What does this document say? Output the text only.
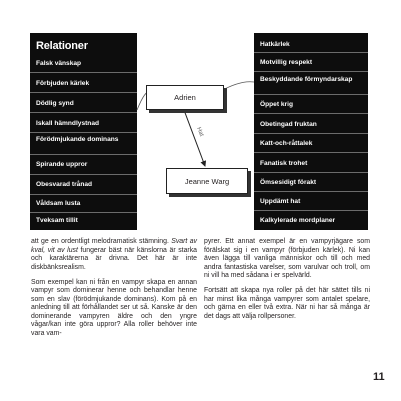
Relationer
Falsk vänskap
Förbjuden kärlek
Dödlig synd
Iskall hämndlystnad
Förödmjukande dominans
Spirande uppror
Obesvarad trånad
Våldsam lusta
Tveksam tillit
Hatkärlek
Motvillig respekt
Beskyddande förmyndarskap
Öppet krig
Obetingad fruktan
Katt-och-råttalek
Fanatisk trohet
Ömsesidigt förakt
Uppdämt hat
Kalkylerade mordplaner
Hat
Adrien
Jeanne Warg

att ge en ordentligt melodramatisk stämning. Svart av kval, vit av lust fungerar bäst när känslorna är starka och karaktärerna är drivna. Det här är inte diskbänksrealism.

Som exempel kan ni från en vampyr skapa en annan vampyr som dominerar henne och behandlar henne som en slav (förödmjukande dominans). Kom på en anledning till att förhållandet ser ut så. Kanske är den dominerande vampyren äldre och den yngre vågar/kan inte göra uppror? Alla roller behöver inte vara vam-

pyrer. Ett annat exempel är en vampyrjägare som förälskat sig i en vampyr (förbjuden kärlek). Ni kan även lägga till vanliga människor och till och med andra fantastiska varelser, som varulvar och troll, om ni vill ha med sådana i er spelvärld.

Fortsätt att skapa nya roller på det här sättet tills ni har minst lika många vampyrer som antalet spelare, och gärna en eller två extra. När ni har så många är det dags att välja rollpersoner.

11
